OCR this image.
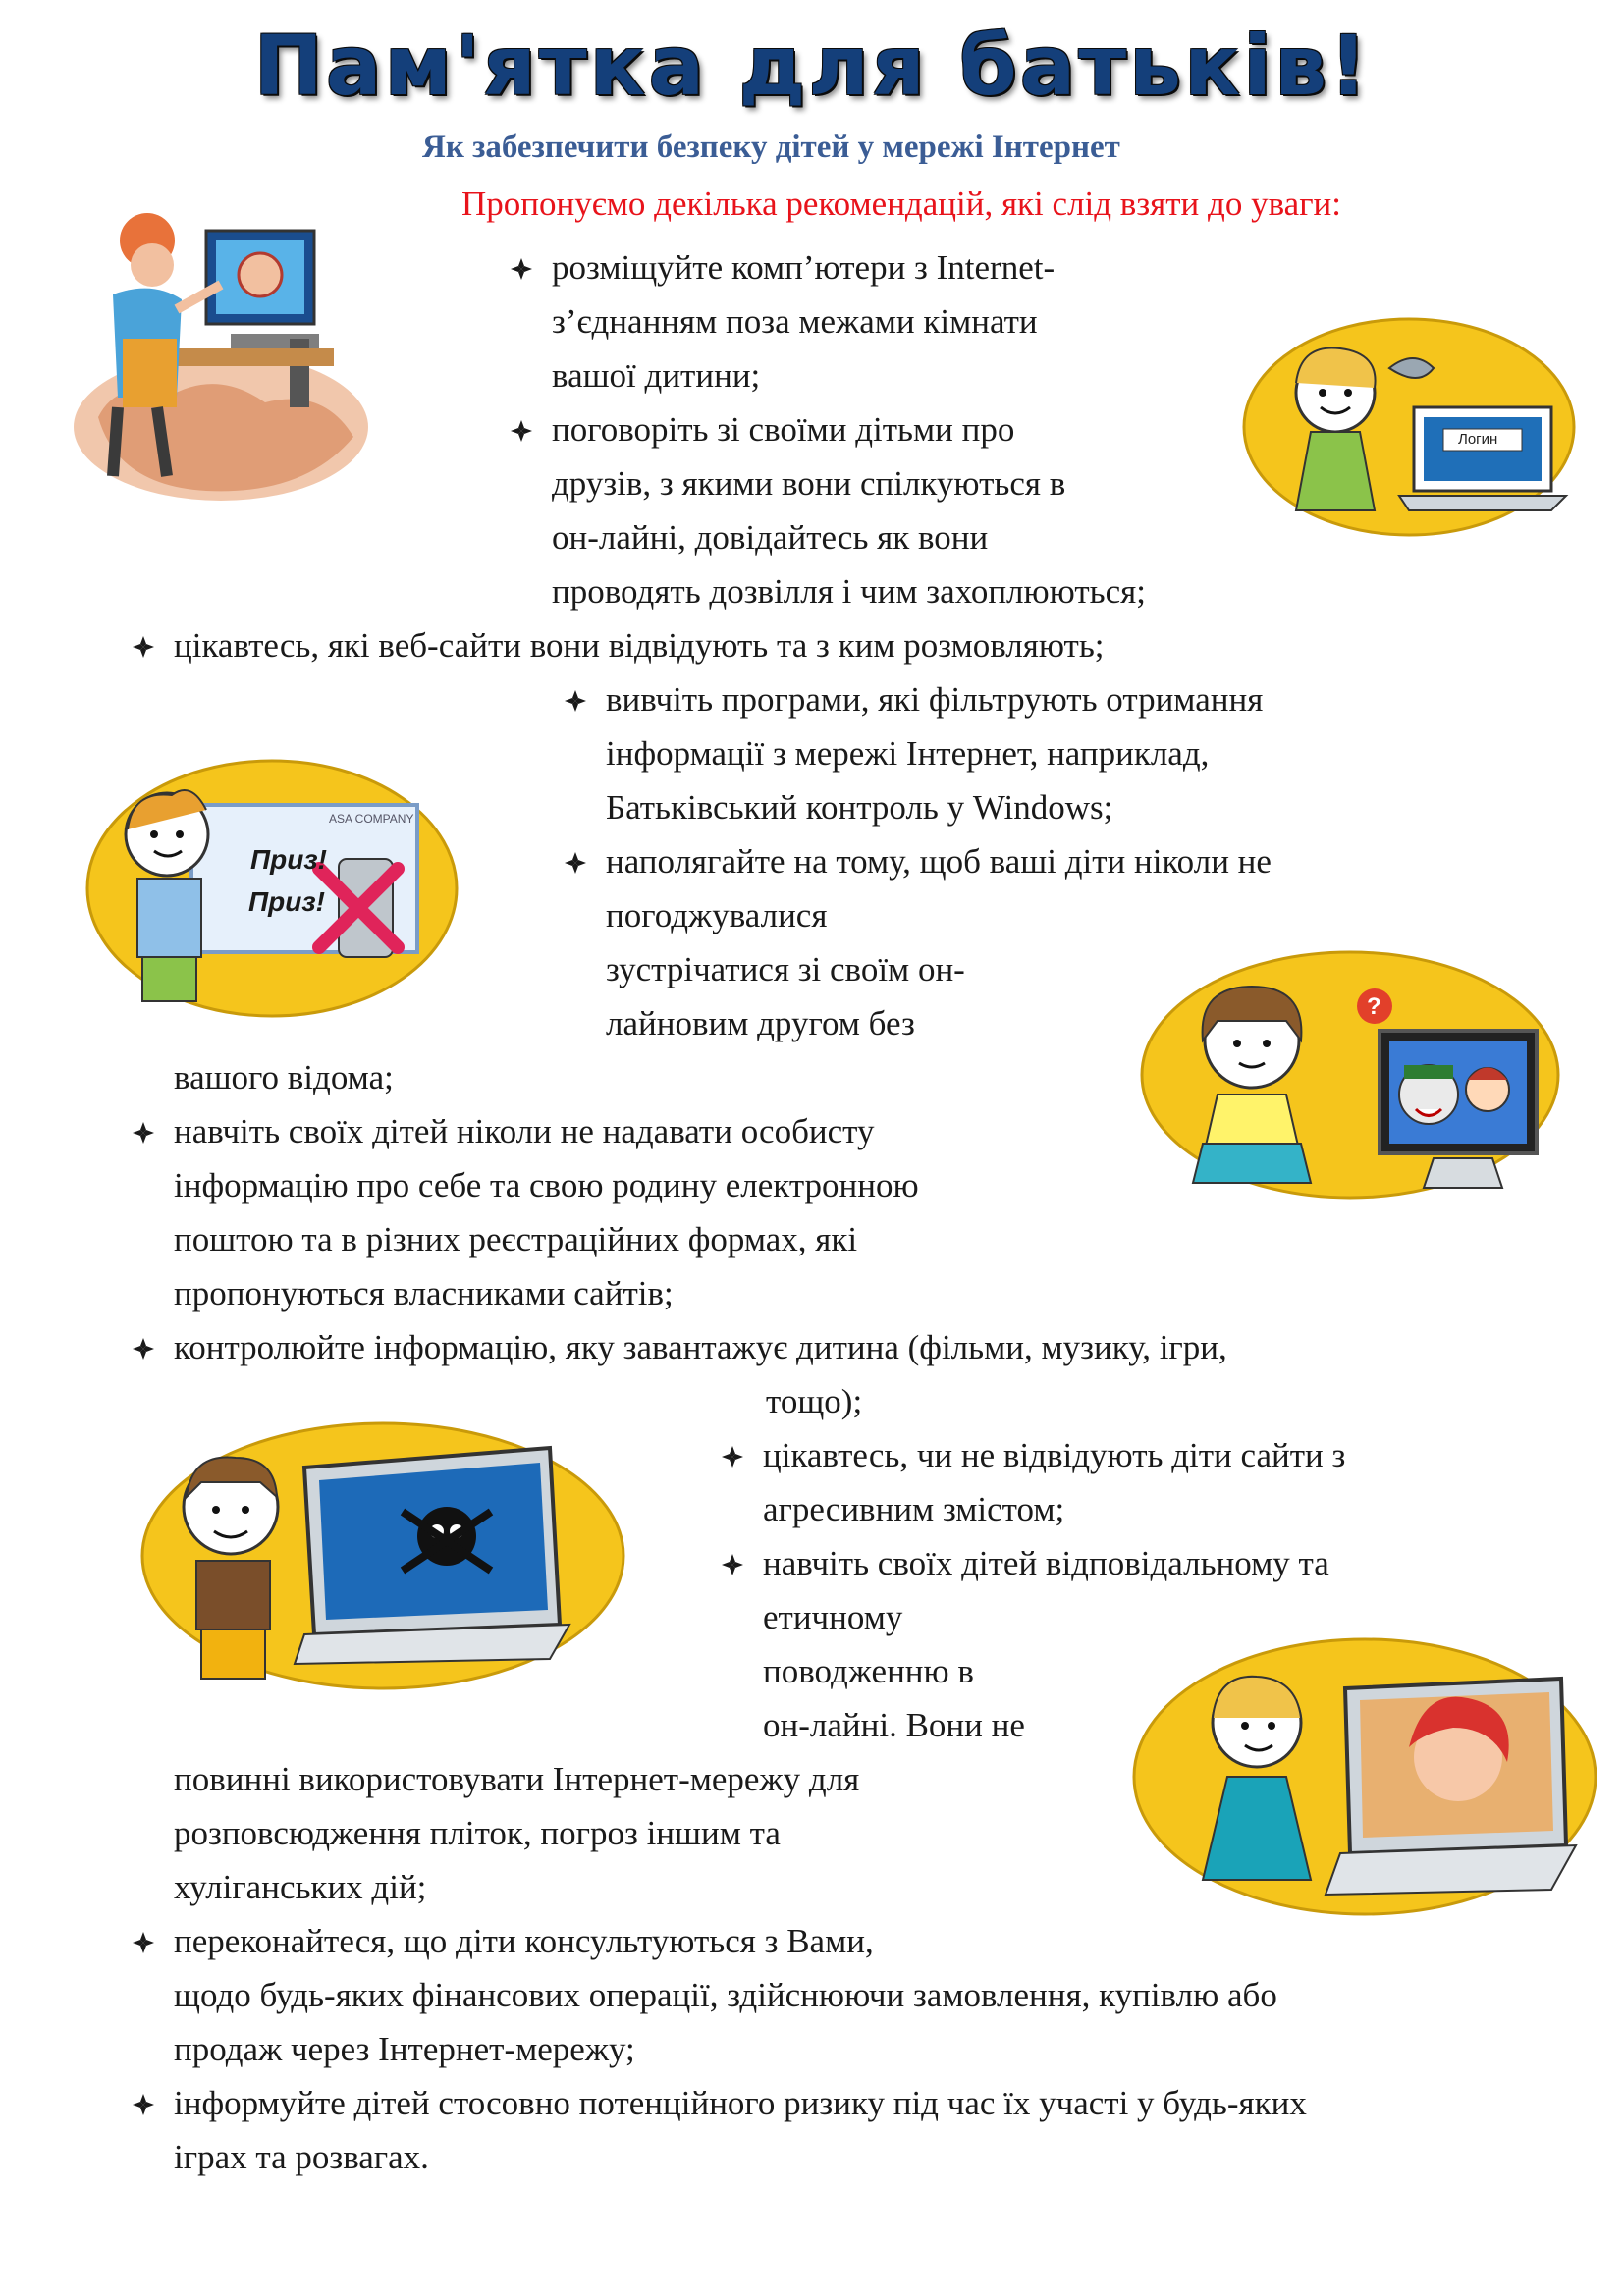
Пам'ятка для батьків!

Як забезпечити безпеку дітей у мережі Інтернет

Пропонуємо декілька рекомендацій, які слід взяти до уваги:

розміщуйте комп’ютери з Internet-
з’єднанням поза межами кімнати
вашої дитини;
поговоріть зі своїми дітьми про
друзів, з якими вони спілкуються в
он-лайні, довідайтесь як вони
проводять дозвілля і чим захоплюються;
цікавтесь, які веб-сайти вони відвідують та з ким розмовляють;
вивчіть програми, які фільтрують отримання
інформації з мережі Інтернет, наприклад,
Батьківський контроль у Windows;
наполягайте на тому, щоб ваші діти ніколи не
погоджувалися
зустрічатися зі своїм он-
лайновим другом без

вашого відома;

навчіть своїх дітей ніколи не надавати особисту
інформацію про себе та свою родину електронною
поштою та в різних реєстраційних формах, які
пропонуються власниками сайтів;
контролюйте інформацію, яку завантажує дитина (фільми, музику, ігри,

тощо);

цікавтесь, чи не відвідують діти сайти з
агресивним змістом;
навчіть своїх дітей відповідальному та
етичному
поводженню в
он-лайні. Вони не
повинні використовувати Інтернет-мережу для
розповсюдження пліток, погроз іншим та
хуліганських дій;
переконайтеся, що діти консультуються з Вами,
щодо будь-яких фінансових операції, здійснюючи замовлення, купівлю або
продаж через Інтернет-мережу;
інформуйте дітей стосовно потенційного ризику під час їх участі у будь-яких
іграх та розвагах.
Логин
ASA COMPANY
Приз!
Приз!
?
